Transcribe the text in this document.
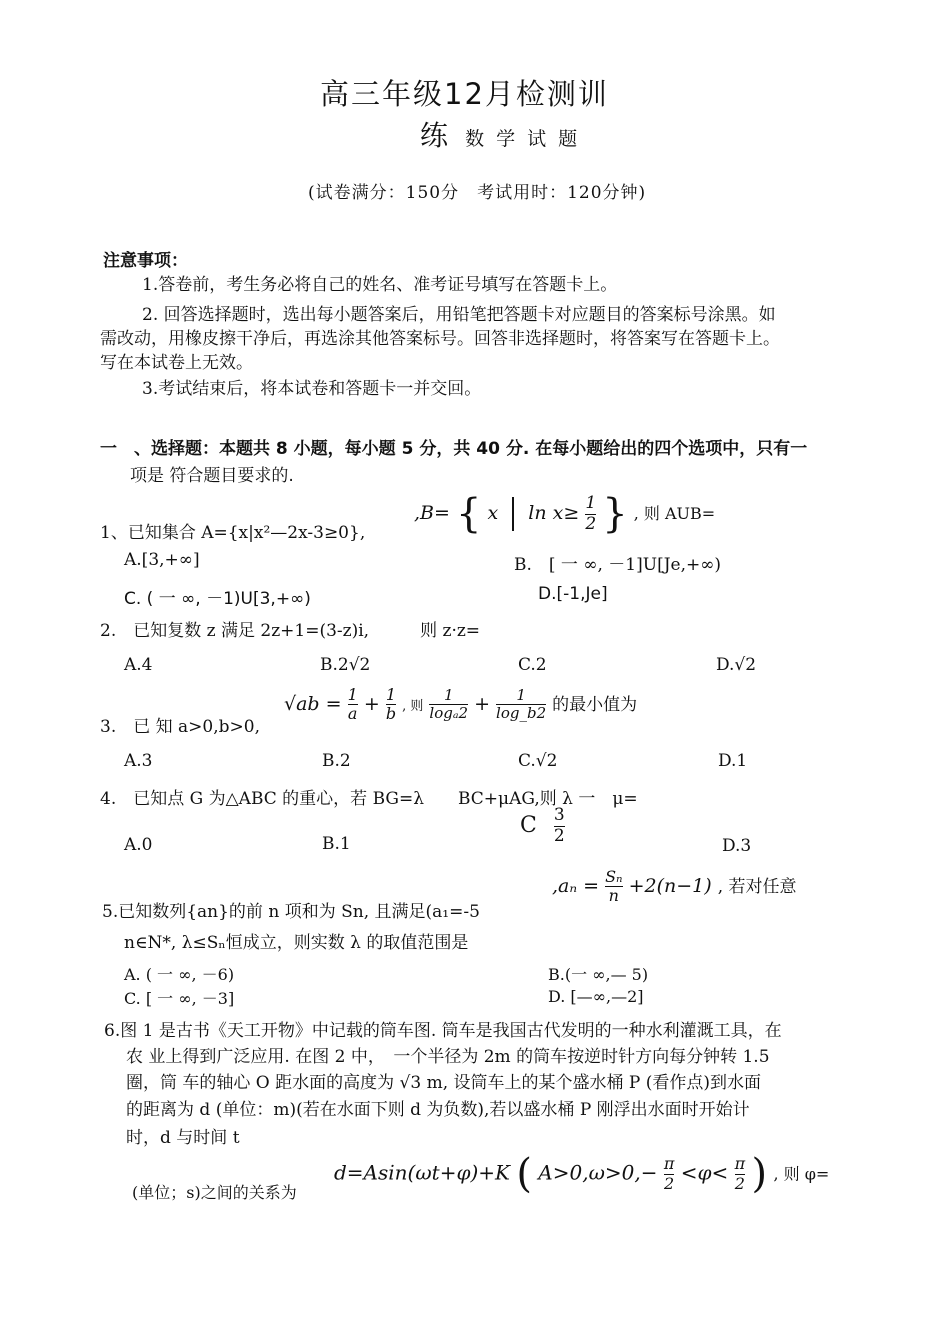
高三年级12月检测训
练 数学试题
(试卷满分：150分　考试用时：120分钟)
注意事项：
1.答卷前，考生务必将自己的姓名、准考证号填写在答题卡上。
2. 回答选择题时，选出每小题答案后，用铅笔把答题卡对应题目的答案标号涂黑。如
需改动，用橡皮擦干净后，再选涂其他答案标号。回答非选择题时，将答案写在答题卡上。
写在本试卷上无效。
3.考试结束后，将本试卷和答题卡一并交回。
一　、选择题：本题共 8 小题，每小题 5 分，共 40 分. 在每小题给出的四个选项中，只有一
项是 符合题目要求的.
1、已知集合 A={x|x²—2x-3≥0},
,B= { x $\ln x\ge \frac{1}{2}$ } , 则 AUB=
A.[3,+∞]	B.　[ 一 ∞, －1]U[Je,+∞)
C. ( 一 ∞, －1)U[3,+∞)	D.[-1,Je]
2.　已知复数 z 满足 2z+1=(3-z)i,　　　则 z·z=
A.4	B.2√2	C.2	D.√2
3.　已 知 a>0,b>0,
$√ab = \frac{1}{a} + \frac{1}{b}$ , 则 $\frac{1}{\text{logₐ2}} + \frac{1}{\log\_b2}$ 的最小值为
A.3	B.2	C.√2	D.1
4.　已知点 G 为△ABC 的重心，若 BG=λ　　BC+μAG,则 λ 一　μ=
A.0	B.1
C $\frac{3}{2}$	D.3
5.已知数列{an}的前 n 项和为 Sn, 且满足(a₁=-5
$,a_n = \frac{\text{Sₙ}}{n} +2(n-1)$ , 若对任意
n∈N*, λ≤Sₙ恒成立，则实数 λ 的取值范围是
A. ( 一 ∞, －6)	B.(一 ∞,— 5)
C. [ 一 ∞, －3]	D. [—∞,—2]
6.图 1 是古书《天工开物》中记载的筒车图. 筒车是我国古代发明的一种水利灌溉工具，在
农 业上得到广泛应用. 在图 2 中，　一个半径为 2m 的筒车按逆时针方向每分钟转 1.5
圈，筒 车的轴心 O 距水面的高度为 √3 m, 设筒车上的某个盛水桶 P (看作点)到水面
的距离为 d (单位：m)(若在水面下则 d 为负数),若以盛水桶 P 刚浮出水面时开始计
时，d 与时间 t
(单位；s)之间的关系为
d=Asin(ωt+φ)+K ( $A>0,\omega>0,- \frac{\pi}{2} <\varphi< \frac{\pi}{2}$ ) , 则 φ=
